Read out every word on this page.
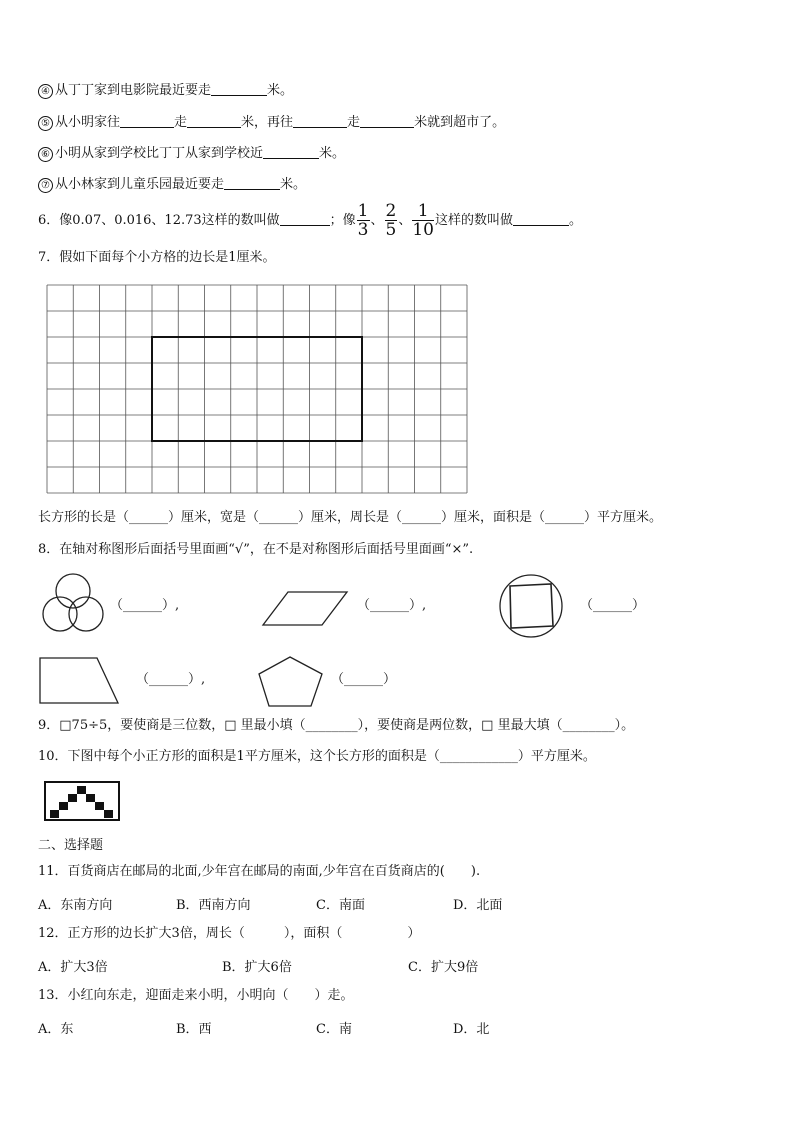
④ 从丁丁家到电影院最近要走	米。
⑤ 从小明家往	走	米，再往	走	米就到超市了。
⑥ 小明从家到学校比丁丁从家到学校近	米。
⑦ 从小林家到儿童乐园最近要走	米。
6．像0.07、0.016、12.73这样的数叫做	；像 $\frac{1}{3}$ 、 $\frac{2}{5}$ 、 $\frac{1}{10}$ 这样的数叫做	。
7．假如下面每个小方格的边长是1厘米。
长方形的长是（______）厘米，宽是（______）厘米，周长是（______）厘米，面积是（______）平方厘米。
8．在轴对称图形后面括号里面画“√”，在不是对称图形后面括号里面画“×”.
（______）,	（______）,	（______）
（______）,	（______）
9．□75÷5，要使商是三位数，□ 里最小填（________），要使商是两位数，□ 里最大填（________）。
10．下图中每个小正方形的面积是1平方厘米，这个长方形的面积是（____________）平方厘米。
二、选择题
11．百货商店在邮局的北面,少年宫在邮局的南面,少年宫在百货商店的(　　).
A．东南方向	B．西南方向	C．南面	D．北面
12．正方形的边长扩大3倍，周长（　　　），面积（　　　　　）
A．扩大3倍	B．扩大6倍	C．扩大9倍
13．小红向东走，迎面走来小明，小明向（　　）走。
A．东	B．西	C．南	D．北
